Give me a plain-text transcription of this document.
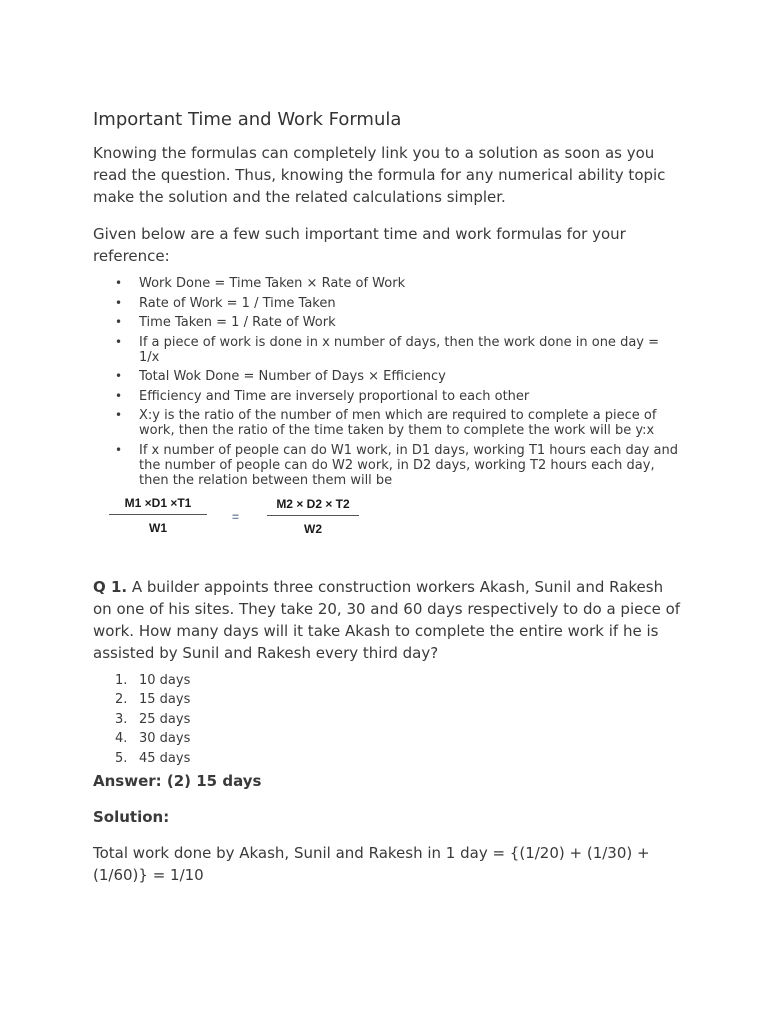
Important Time and Work Formula

Knowing the formulas can completely link you to a solution as soon as you read the question. Thus, knowing the formula for any numerical ability topic make the solution and the related calculations simpler.

Given below are a few such important time and work formulas for your reference:

• Work Done = Time Taken × Rate of Work
• Rate of Work = 1 / Time Taken
• Time Taken = 1 / Rate of Work
• If a piece of work is done in x number of days, then the work done in one day = 1/x
• Total Wok Done = Number of Days × Efficiency
• Efficiency and Time are inversely proportional to each other
• X:y is the ratio of the number of men which are required to complete a piece of work, then the ratio of the time taken by them to complete the work will be y:x
• If x number of people can do W1 work, in D1 days, working T1 hours each day and the number of people can do W2 work, in D2 days, working T2 hours each day, then the relation between them will be
$\frac{M1 \times D1 \times T1}{W1} = \frac{M2 \times D2 \times T2}{W2}$

Q 1. A builder appoints three construction workers Akash, Sunil and Rakesh on one of his sites. They take 20, 30 and 60 days respectively to do a piece of work. How many days will it take Akash to complete the entire work if he is assisted by Sunil and Rakesh every third day?

1. 10 days
2. 15 days
3. 25 days
4. 30 days
5. 45 days

Answer: (2) 15 days

Solution:

Total work done by Akash, Sunil and Rakesh in 1 day = {(1/20) + (1/30) + (1/60)} = 1/10
